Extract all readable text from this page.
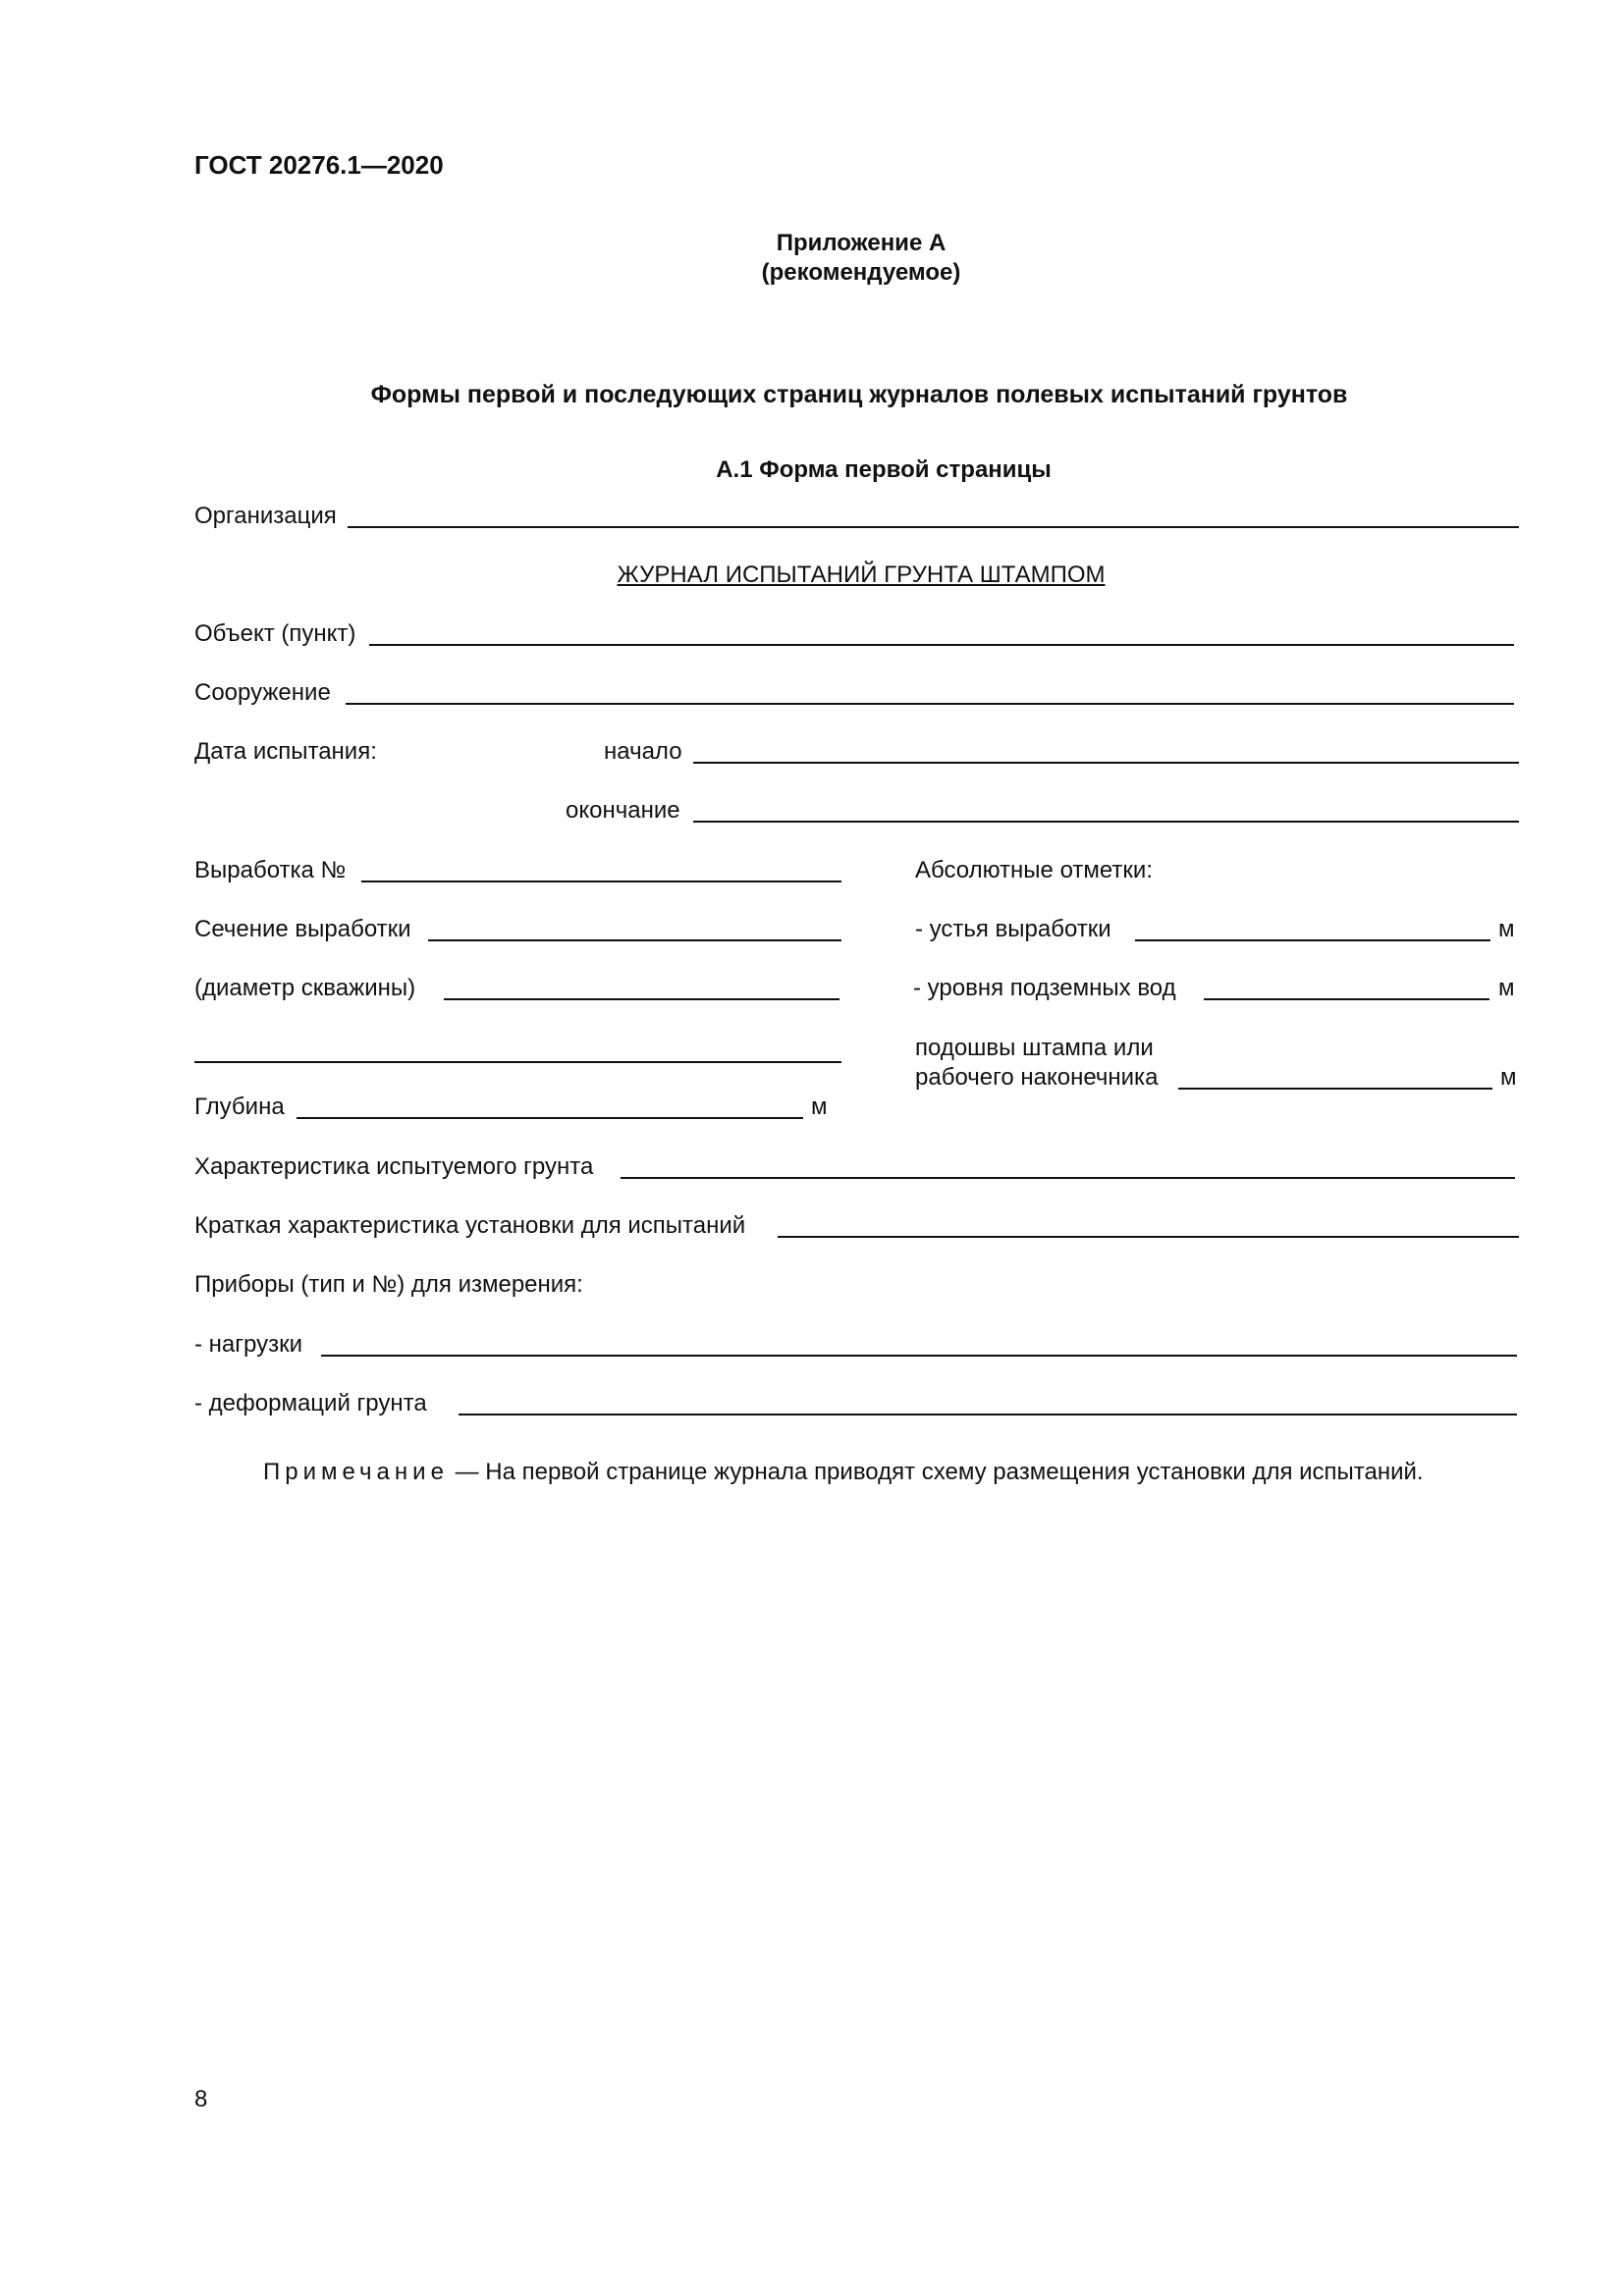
ГОСТ 20276.1—2020
Приложение А
(рекомендуемое)
Формы первой и последующих страниц журналов полевых испытаний грунтов
А.1 Форма первой страницы
Организация
ЖУРНАЛ ИСПЫТАНИЙ ГРУНТА ШТАМПОМ
Объект (пункт)
Сооружение
Дата испытания:	начало
окончание
Выработка №
Сечение выработки
(диаметр скважины)
Глубина	м
Абсолютные отметки:
- устья выработки	м
- уровня подземных вод	м
подошвы штампа или
рабочего наконечника	м
Характеристика испытуемого грунта
Краткая характеристика установки для испытаний
Приборы (тип и №) для измерения:
- нагрузки
- деформаций грунта
Примечание — На первой странице журнала приводят схему размещения установки для испытаний.
8
